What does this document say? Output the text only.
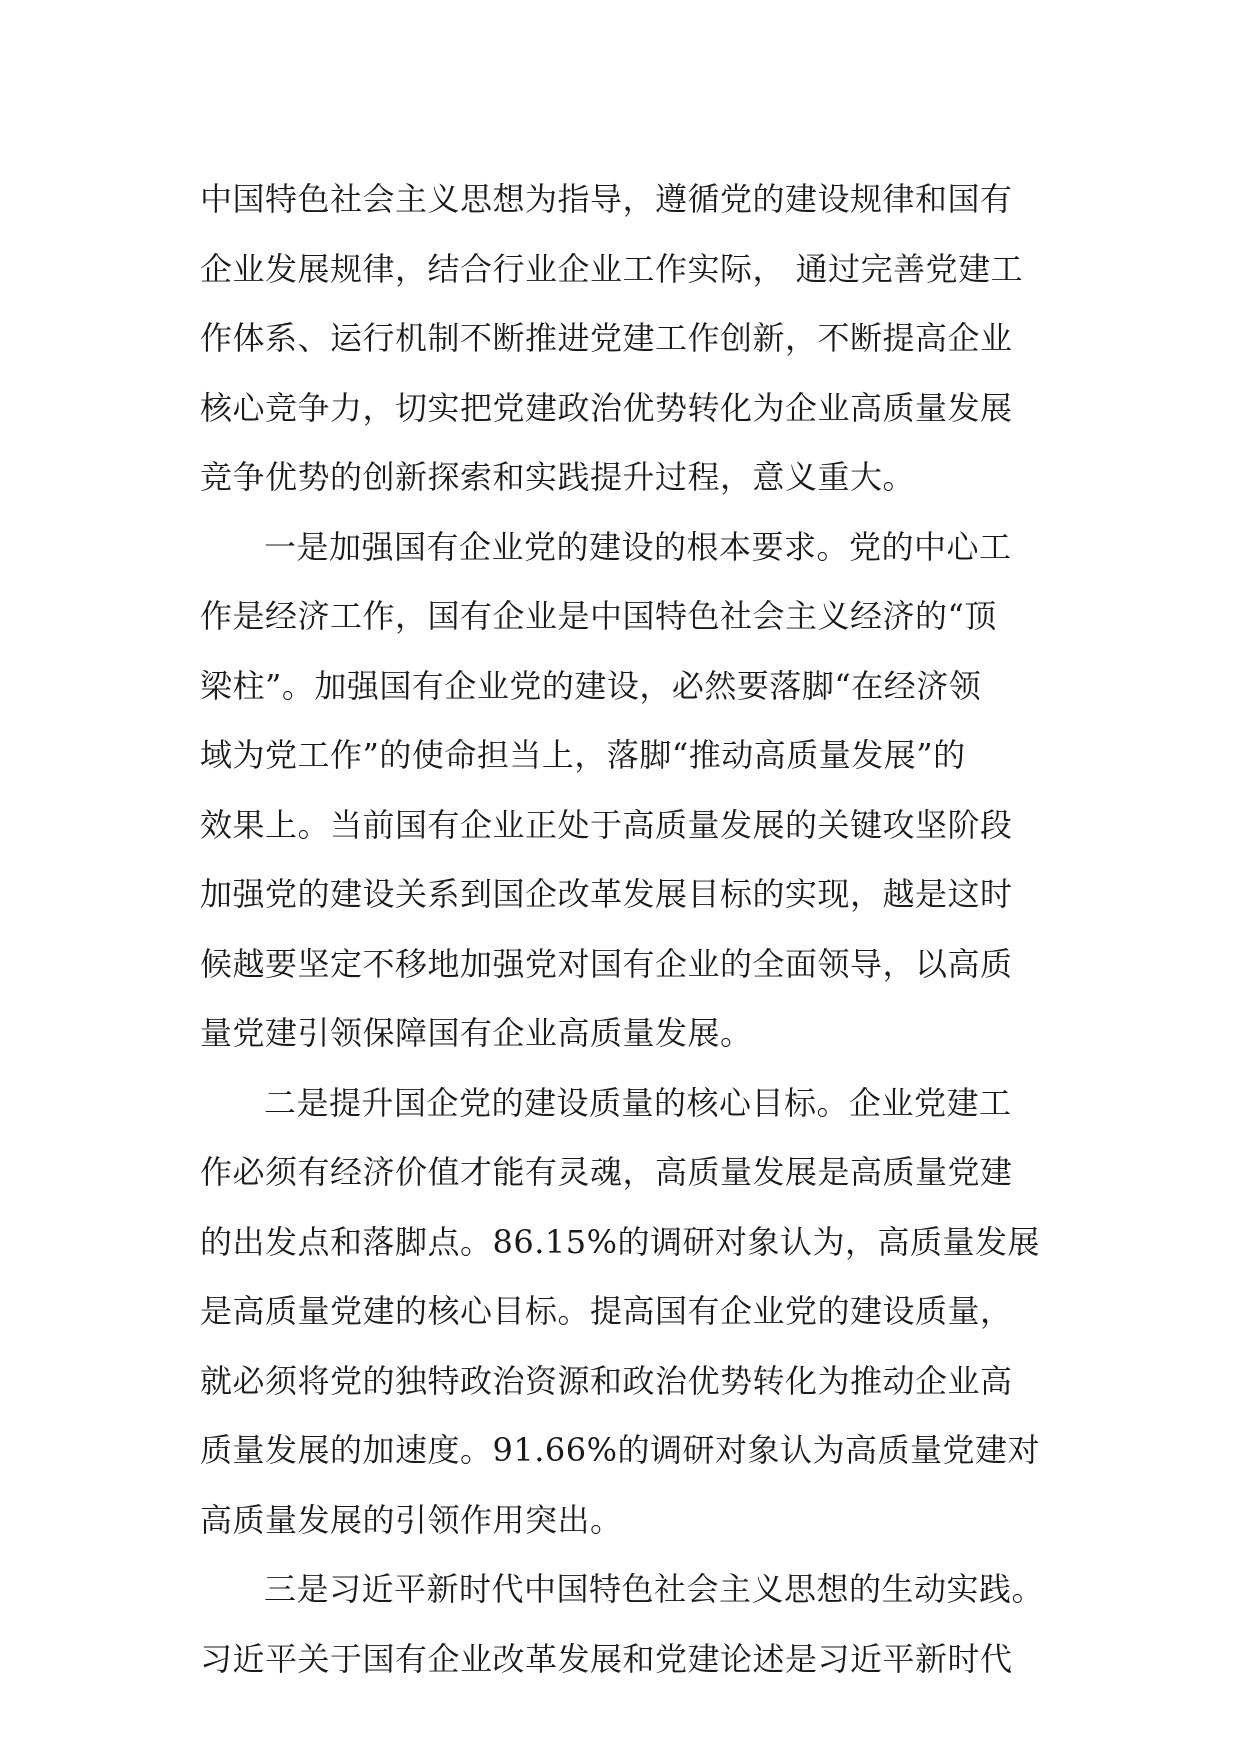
中国特色社会主义思想为指导，遵循党的建设规律和国有
企业发展规律，结合行业企业工作实际， 通过完善党建工
作体系、运行机制不断推进党建工作创新，不断提高企业
核心竞争力，切实把党建政治优势转化为企业高质量发展
竞争优势的创新探索和实践提升过程，意义重大。
一是加强国有企业党的建设的根本要求。党的中心工
作是经济工作，国有企业是中国特色社会主义经济的“顶
梁柱”。加强国有企业党的建设，必然要落脚“在经济领
域为党工作”的使命担当上，落脚“推动高质量发展”的
效果上。当前国有企业正处于高质量发展的关键攻坚阶段
加强党的建设关系到国企改革发展目标的实现，越是这时
候越要坚定不移地加强党对国有企业的全面领导，以高质
量党建引领保障国有企业高质量发展。
二是提升国企党的建设质量的核心目标。企业党建工
作必须有经济价值才能有灵魂，高质量发展是高质量党建
的出发点和落脚点。86.15%的调研对象认为，高质量发展
是高质量党建的核心目标。提高国有企业党的建设质量，
就必须将党的独特政治资源和政治优势转化为推动企业高
质量发展的加速度。91.66%的调研对象认为高质量党建对
高质量发展的引领作用突出。
三是习近平新时代中国特色社会主义思想的生动实践。
习近平关于国有企业改革发展和党建论述是习近平新时代
